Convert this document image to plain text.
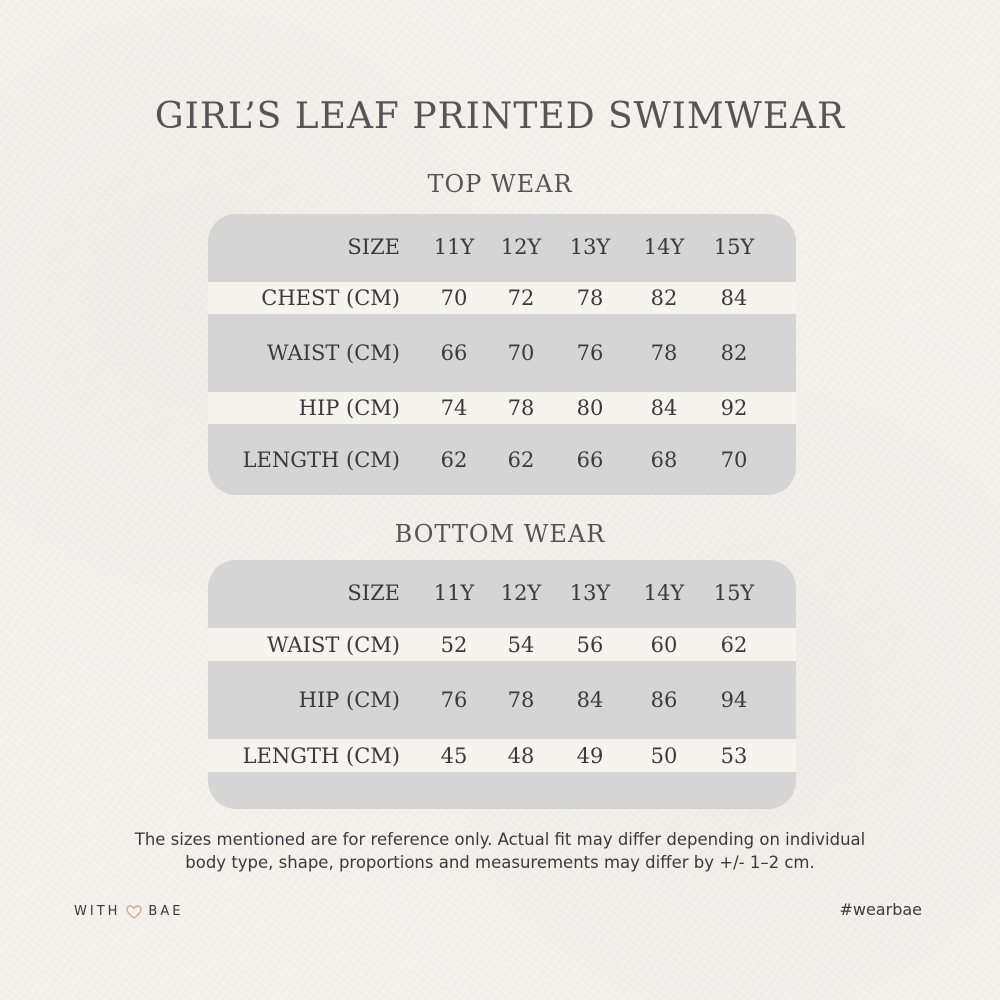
GIRL’S LEAF PRINTED SWIMWEAR
TOP WEAR
SIZE	11Y	12Y	13Y	14Y	15Y
CHEST (CM)	70	72	78	82	84
WAIST (CM)	66	70	76	78	82
HIP (CM)	74	78	80	84	92
LENGTH (CM)	62	62	66	68	70
BOTTOM WEAR
SIZE	11Y	12Y	13Y	14Y	15Y
WAIST (CM)	52	54	56	60	62
HIP (CM)	76	78	84	86	94
LENGTH (CM)	45	48	49	50	53
The sizes mentioned are for reference only. Actual fit may differ depending on individual
body type, shape, proportions and measurements may differ by +/- 1–2 cm.
WITH BAE	#wearbae
